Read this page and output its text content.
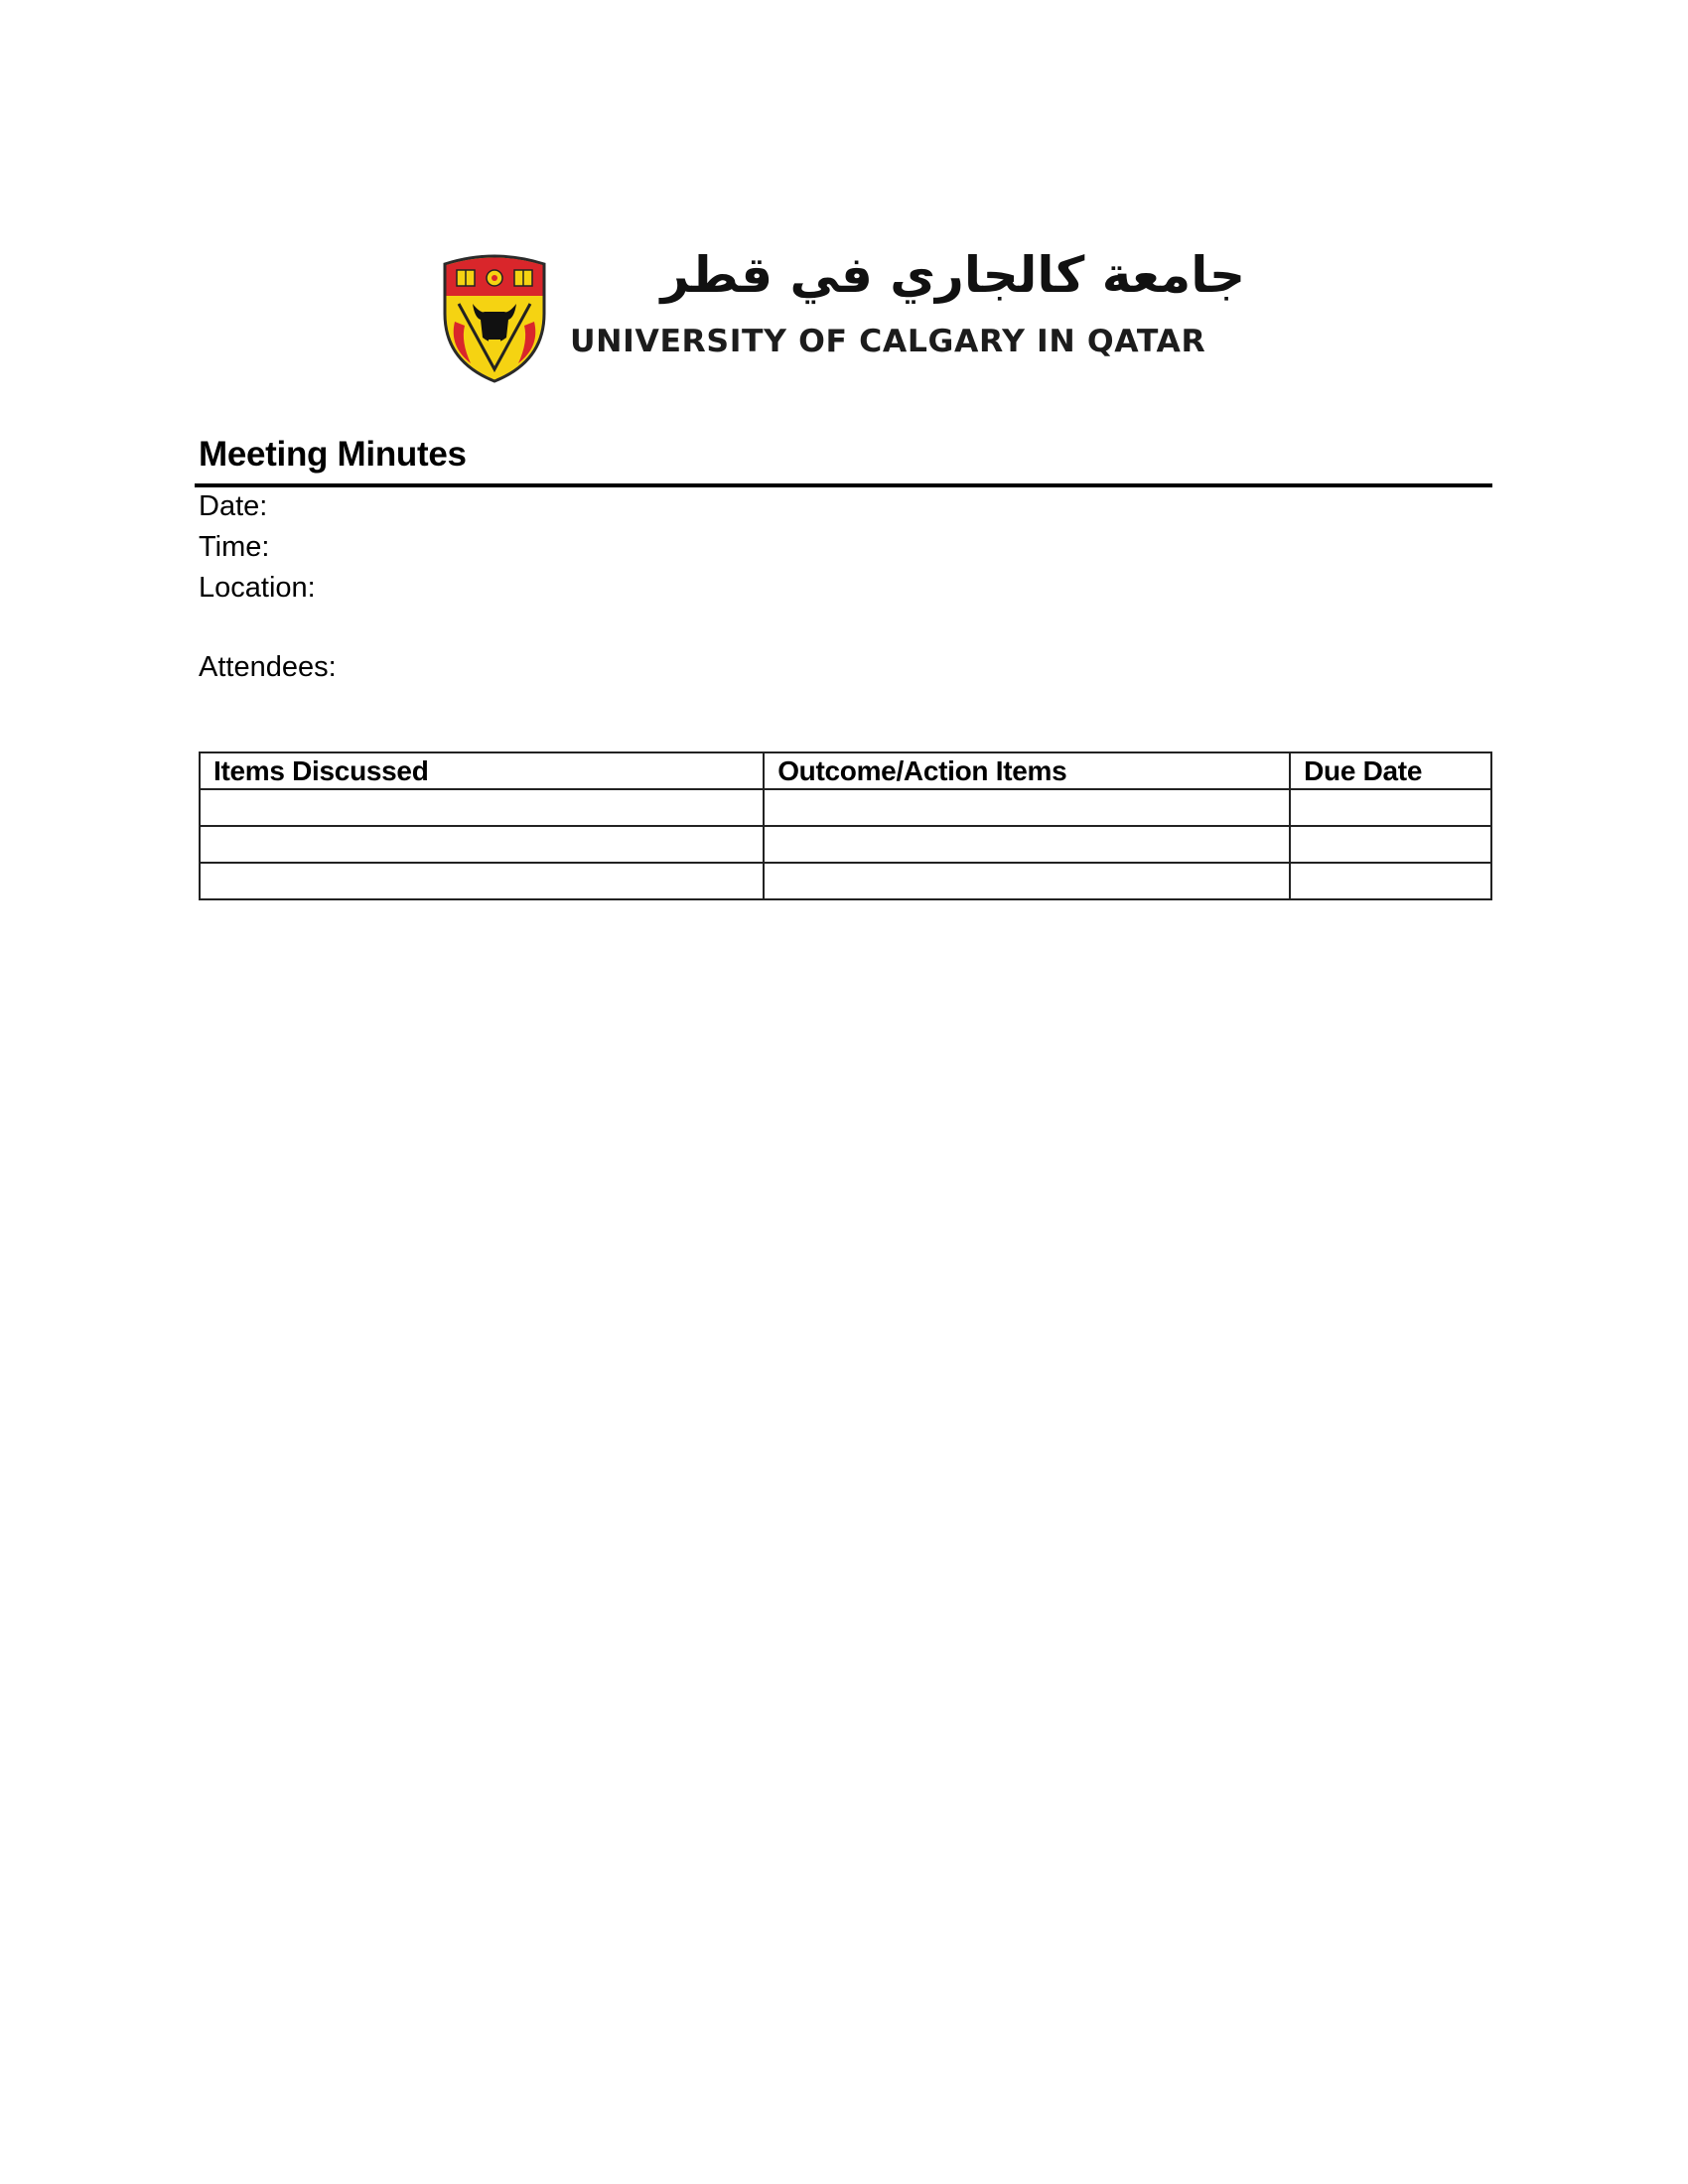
جامعة كالجاري في قطر
UNIVERSITY OF CALGARY IN QATAR
Meeting Minutes
Date:
Time:
Location:
Attendees:
Items Discussed	Outcome/Action Items	Due Date
